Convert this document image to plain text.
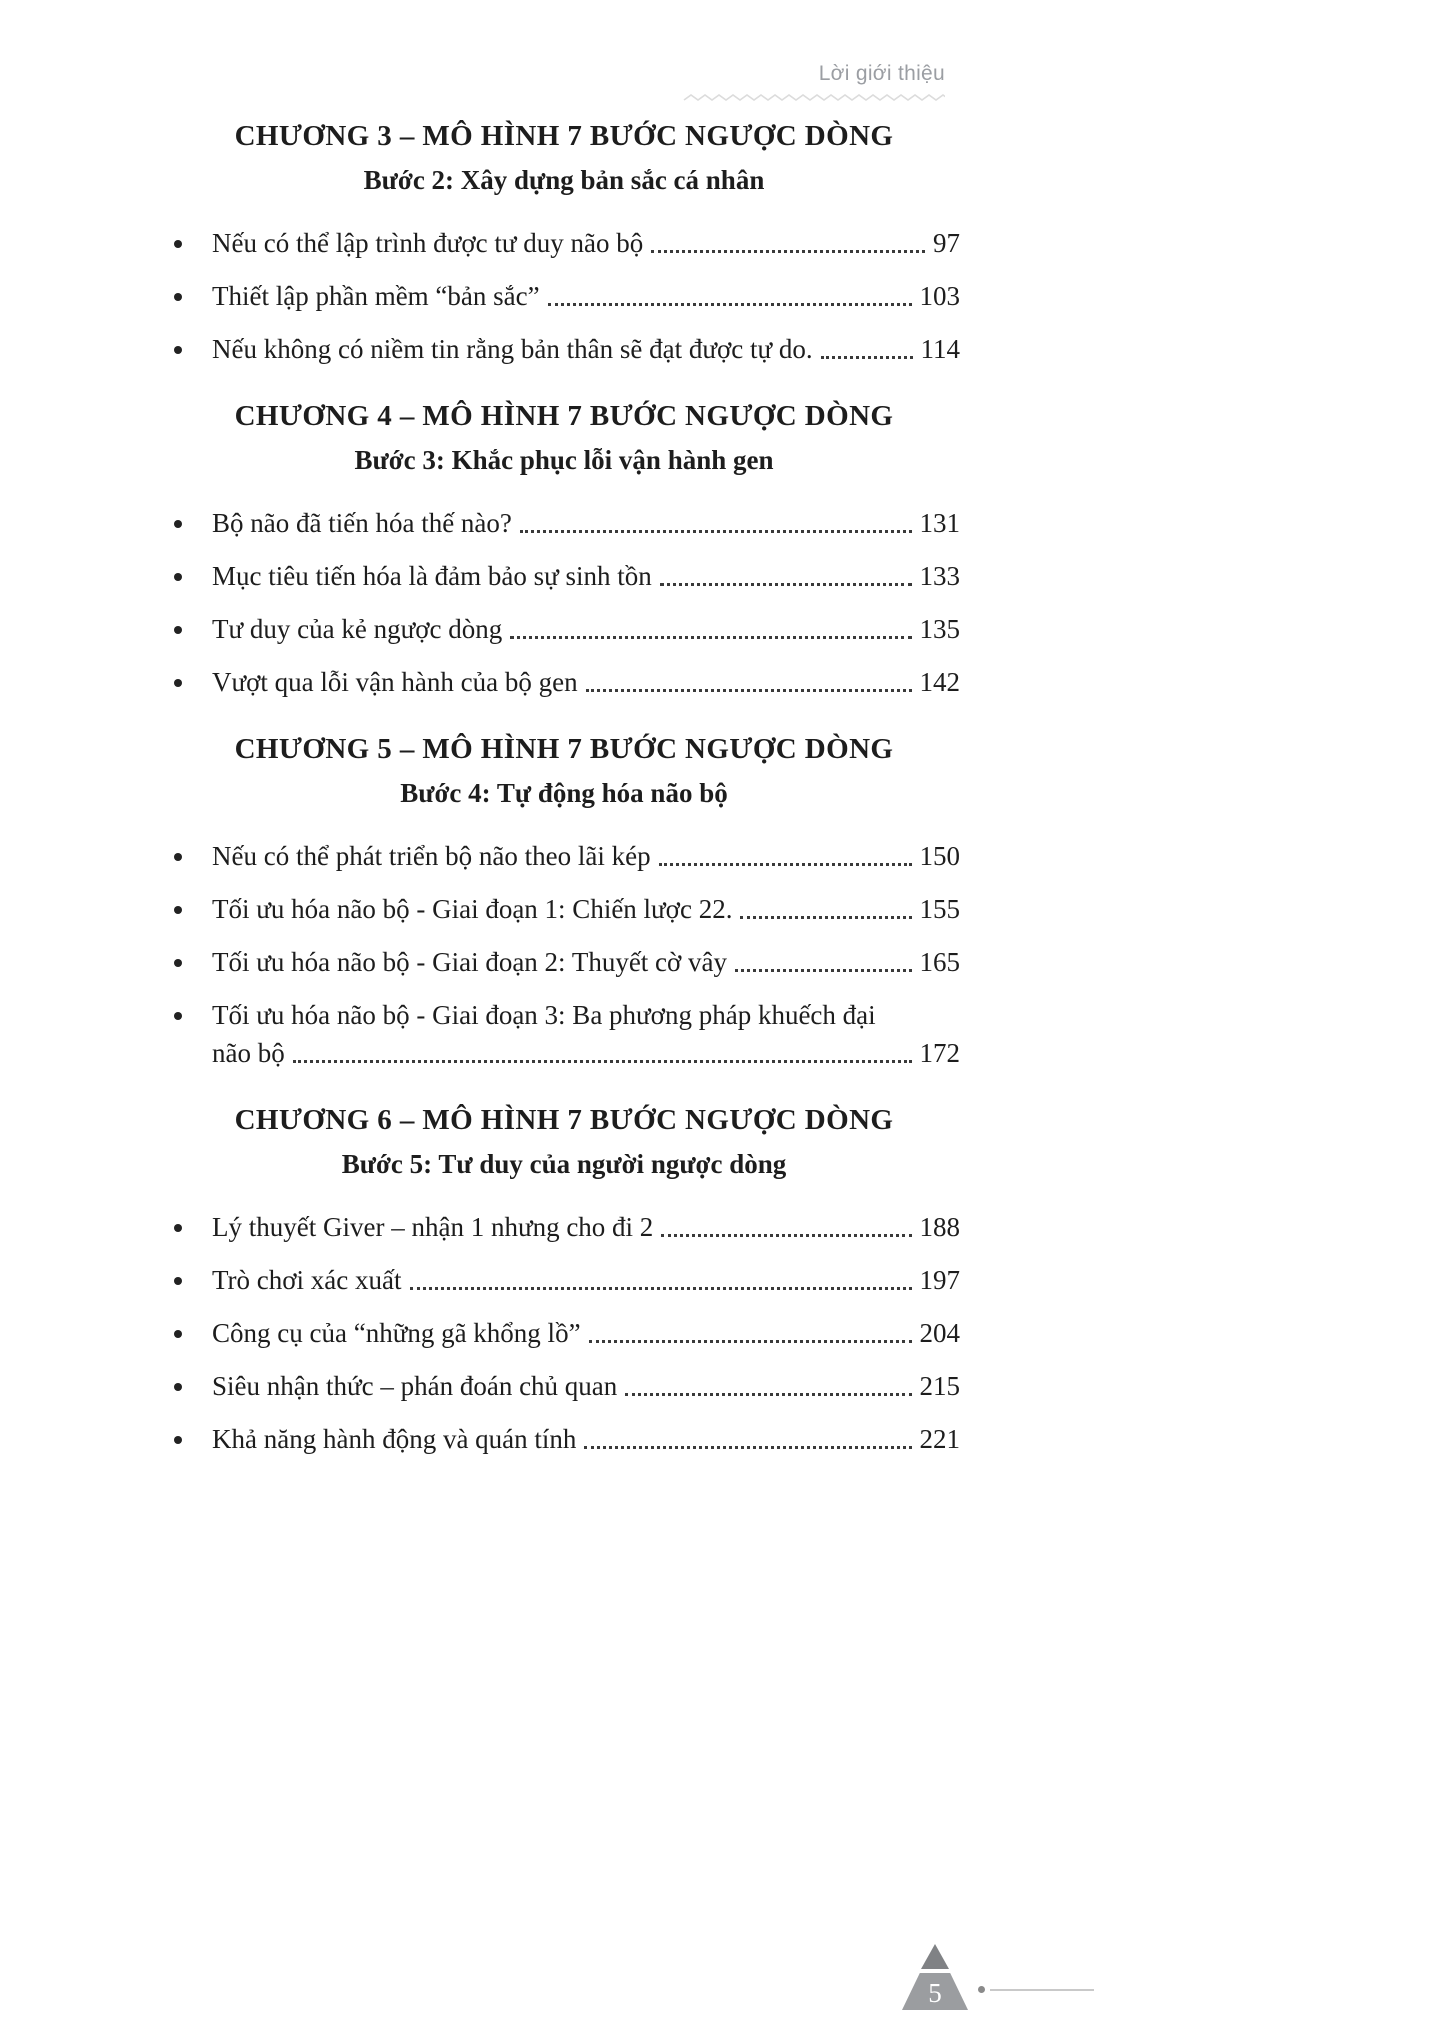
Lời giới thiệu
CHƯƠNG 3 – MÔ HÌNH 7 BƯỚC NGƯỢC DÒNG
Bước 2: Xây dựng bản sắc cá nhân
Nếu có thể lập trình được tư duy não bộ	97
Thiết lập phần mềm “bản sắc”	103
Nếu không có niềm tin rằng bản thân sẽ đạt được tự do.	114
CHƯƠNG 4 – MÔ HÌNH 7 BƯỚC NGƯỢC DÒNG
Bước 3: Khắc phục lỗi vận hành gen
Bộ não đã tiến hóa thế nào?	131
Mục tiêu tiến hóa là đảm bảo sự sinh tồn	133
Tư duy của kẻ ngược dòng	135
Vượt qua lỗi vận hành của bộ gen	142
CHƯƠNG 5 – MÔ HÌNH 7 BƯỚC NGƯỢC DÒNG
Bước 4: Tự động hóa não bộ
Nếu có thể phát triển bộ não theo lãi kép	150
Tối ưu hóa não bộ - Giai đoạn 1: Chiến lược 22.	155
Tối ưu hóa não bộ - Giai đoạn 2: Thuyết cờ vây	165
Tối ưu hóa não bộ - Giai đoạn 3: Ba phương pháp khuếch đại
não bộ	172
CHƯƠNG 6 – MÔ HÌNH 7 BƯỚC NGƯỢC DÒNG
Bước 5: Tư duy của người ngược dòng
Lý thuyết Giver – nhận 1 nhưng cho đi 2	188
Trò chơi xác xuất	197
Công cụ của “những gã khổng lồ”	204
Siêu nhận thức – phán đoán chủ quan	215
Khả năng hành động và quán tính	221
5
